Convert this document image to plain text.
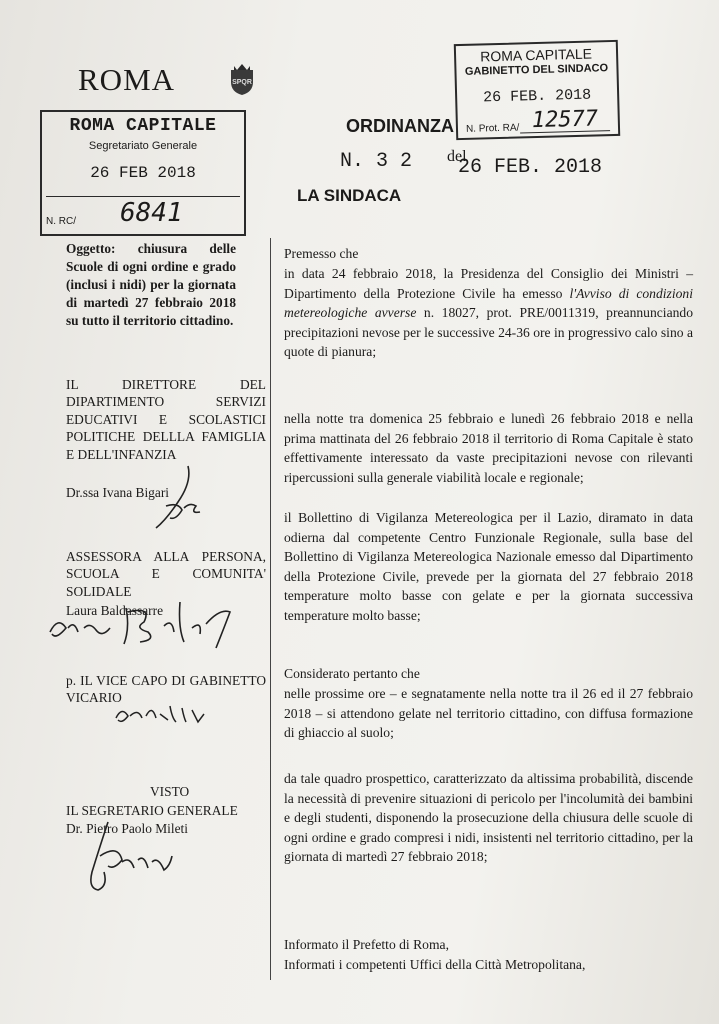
ROMA	SPQR
ROMA CAPITALE
Segretariato Generale
26 FEB 2018
N. RC/ 6841
ROMA CAPITALE
GABINETTO DEL SINDACO
26 FEB. 2018
N. Prot. RA/ 12577
ORDINANZA
N. 3 2 del
26 FEB. 2018
LA SINDACA
Oggetto: chiusura delle Scuole di ogni ordine e grado (inclusi i nidi) per la giornata di martedì 27 febbraio 2018 su tutto il territorio cittadino.
Premesso che
in data 24 febbraio 2018, la Presidenza del Consiglio dei Ministri – Dipartimento della Protezione Civile ha emesso l'Avviso di condizioni metereologiche avverse n. 18027, prot. PRE/0011319, preannunciando precipitazioni nevose per le successive 24-36 ore in progressivo calo sino a quote di pianura;
nella notte tra domenica 25 febbraio e lunedì 26 febbraio 2018 e nella prima mattinata del 26 febbraio 2018 il territorio di Roma Capitale è stato effettivamente interessato da vaste precipitazioni nevose con rilevanti ripercussioni sulla generale viabilità locale e regionale;
il Bollettino di Vigilanza Metereologica per il Lazio, diramato in data odierna dal competente Centro Funzionale Regionale, sulla base del Bollettino di Vigilanza Metereologica Nazionale emesso dal Dipartimento della Protezione Civile, prevede per la giornata del 27 febbraio 2018 temperature molto basse con gelate e per la giornata successiva temperature molto basse;
Considerato pertanto che
nelle prossime ore – e segnatamente nella notte tra il 26 ed il 27 febbraio 2018 – si attendono gelate nel territorio cittadino, con diffusa formazione di ghiaccio al suolo;
da tale quadro prospettico, caratterizzato da altissima probabilità, discende la necessità di prevenire situazioni di pericolo per l'incolumità dei bambini e degli studenti, disponendo la prosecuzione della chiusura delle scuole di ogni ordine e grado compresi i nidi, insistenti nel territorio cittadino, per la giornata di martedì 27 febbraio 2018;
Informato il Prefetto di Roma,
Informati i competenti Uffici della Città Metropolitana,
IL DIRETTORE DEL DIPARTIMENTO SERVIZI EDUCATIVI E SCOLASTICI POLITICHE DELLLA FAMIGLIA E DELL'INFANZIA
Dr.ssa Ivana Bigari
ASSESSORA ALLA PERSONA, SCUOLA E COMUNITA' SOLIDALE
Laura Baldassarre
p. IL VICE CAPO DI GABINETTO VICARIO
VISTO
IL SEGRETARIO GENERALE
Dr. Pietro Paolo Mileti
